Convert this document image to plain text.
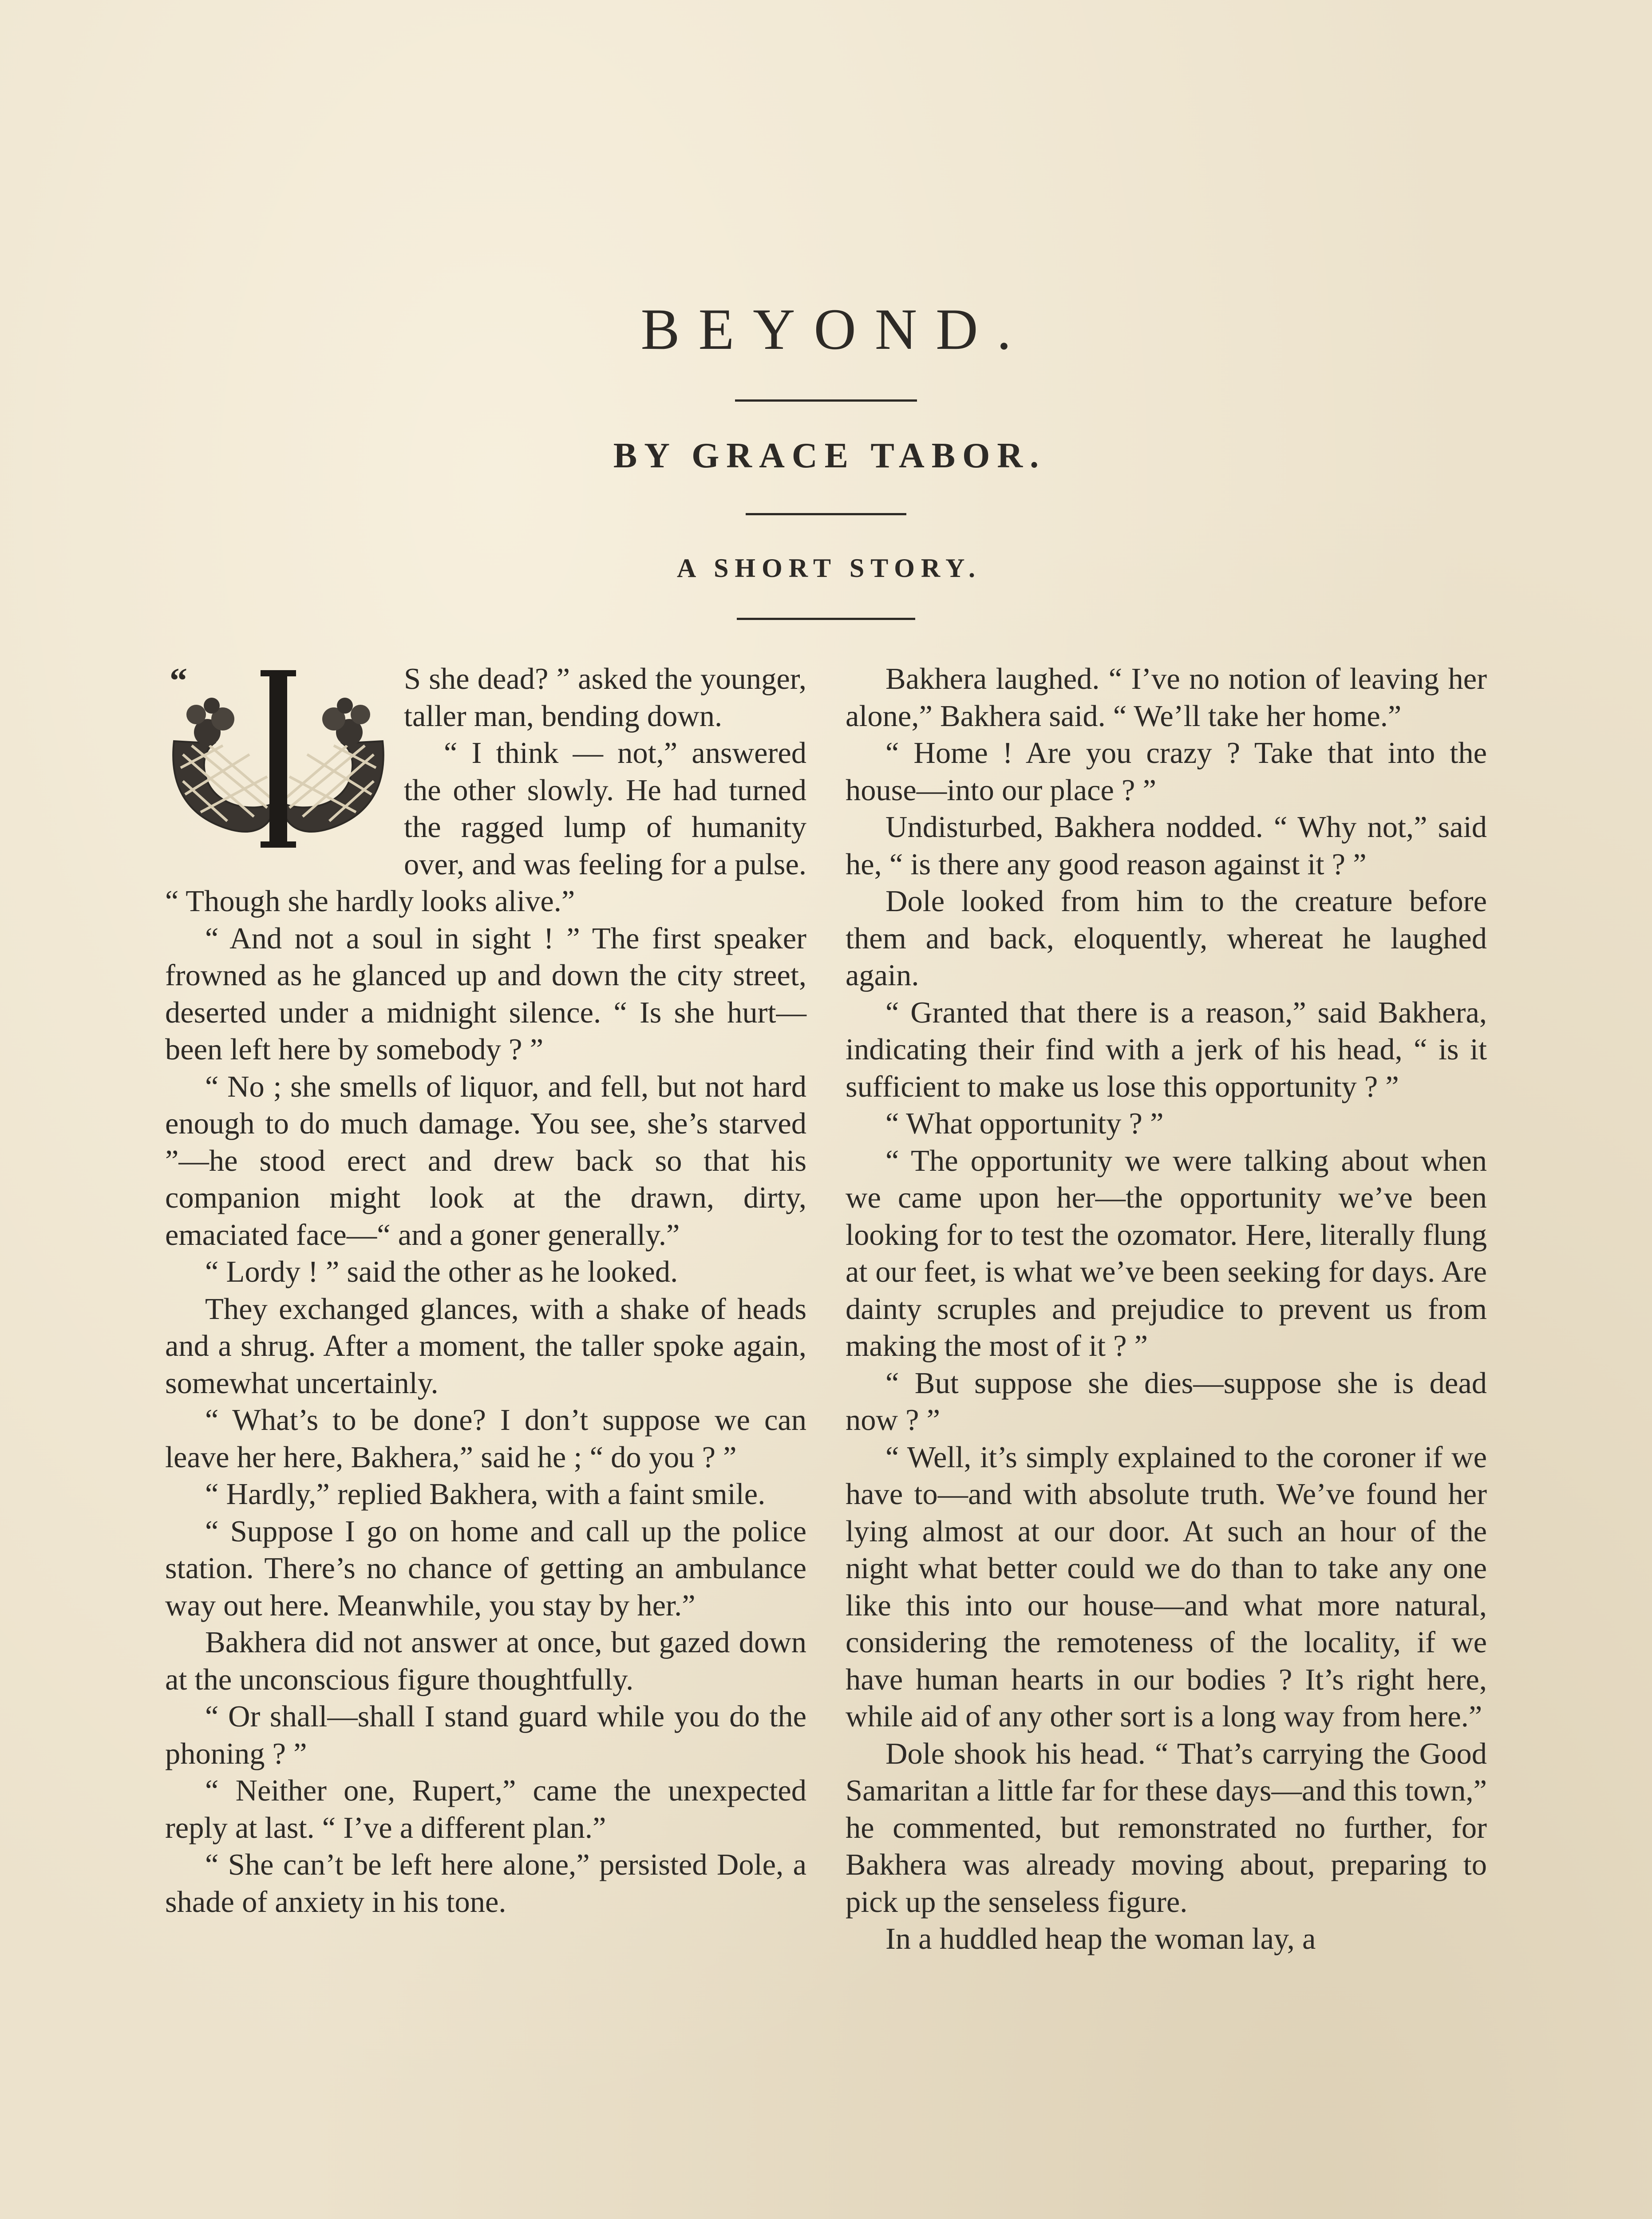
BEYOND.
BY GRACE TABOR.
A SHORT STORY.
“	S she dead? ” asked the younger, taller man, bending down.

“ I think — not,” answered the other slowly. He had turned the ragged lump of humanity over, and was feeling for a pulse. “ Though she hardly looks alive.”

“ And not a soul in sight ! ” The first speaker frowned as he glanced up and down the city street, deserted under a midnight silence. “ Is she hurt—been left here by somebody ? ”

“ No ; she smells of liquor, and fell, but not hard enough to do much damage. You see, she’s starved ”—he stood erect and drew back so that his companion might look at the drawn, dirty, emaciated face—“ and a goner generally.”

“ Lordy ! ” said the other as he looked.

They exchanged glances, with a shake of heads and a shrug. After a moment, the taller spoke again, somewhat uncertainly.

“ What’s to be done? I don’t suppose we can leave her here, Bakhera,” said he ; “ do you ? ”

“ Hardly,” replied Bakhera, with a faint smile.

“ Suppose I go on home and call up the police station. There’s no chance of getting an ambulance way out here. Meanwhile, you stay by her.”

Bakhera did not answer at once, but gazed down at the unconscious figure thoughtfully.

“ Or shall—shall I stand guard while you do the phoning ? ”

“ Neither one, Rupert,” came the unexpected reply at last. “ I’ve a different plan.”

“ She can’t be left here alone,” persisted Dole, a shade of anxiety in his tone.

Bakhera laughed. “ I’ve no notion of leaving her alone,” Bakhera said. “ We’ll take her home.”

“ Home ! Are you crazy ? Take that into the house—into our place ? ”

Undisturbed, Bakhera nodded. “ Why not,” said he, “ is there any good reason against it ? ”

Dole looked from him to the creature before them and back, eloquently, whereat he laughed again.

“ Granted that there is a reason,” said Bakhera, indicating their find with a jerk of his head, “ is it sufficient to make us lose this opportunity ? ”

“ What opportunity ? ”

“ The opportunity we were talking about when we came upon her—the opportunity we’ve been looking for to test the ozomator. Here, literally flung at our feet, is what we’ve been seeking for days. Are dainty scruples and prejudice to prevent us from making the most of it ? ”

“ But suppose she dies—suppose she is dead now ? ”

“ Well, it’s simply explained to the coroner if we have to—and with absolute truth. We’ve found her lying almost at our door. At such an hour of the night what better could we do than to take any one like this into our house—and what more natural, considering the remoteness of the locality, if we have human hearts in our bodies ? It’s right here, while aid of any other sort is a long way from here.”

Dole shook his head. “ That’s carrying the Good Samaritan a little far for these days—and this town,” he commented, but remonstrated no further, for Bakhera was already moving about, preparing to pick up the senseless figure.

In a huddled heap the woman lay, a
